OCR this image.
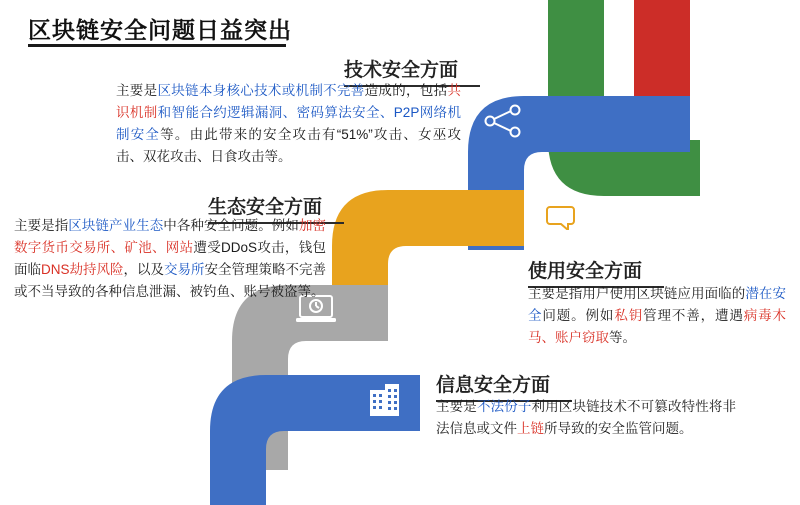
区块链安全问题日益突出
技术安全方面
主要是区块链本身核心技术或机制不完善造成的，包括共识机制和智能合约逻辑漏洞、密码算法安全、P2P网络机制安全等。由此带来的安全攻击有“51%”攻击、女巫攻击、双花攻击、日食攻击等。
生态安全方面
主要是指区块链产业生态中各种安全问题。例如加密数字货币交易所、矿池、网站遭受DDoS攻击，钱包面临DNS劫持风险，以及交易所安全管理策略不完善或不当导致的各种信息泄漏、被钓鱼、账号被盗等。
使用安全方面
主要是指用户使用区块链应用面临的潜在安全问题。例如私钥管理不善，遭遇病毒木马、账户窃取等。
信息安全方面
主要是不法份子利用区块链技术不可篡改特性将非法信息或文件上链所导致的安全监管问题。
